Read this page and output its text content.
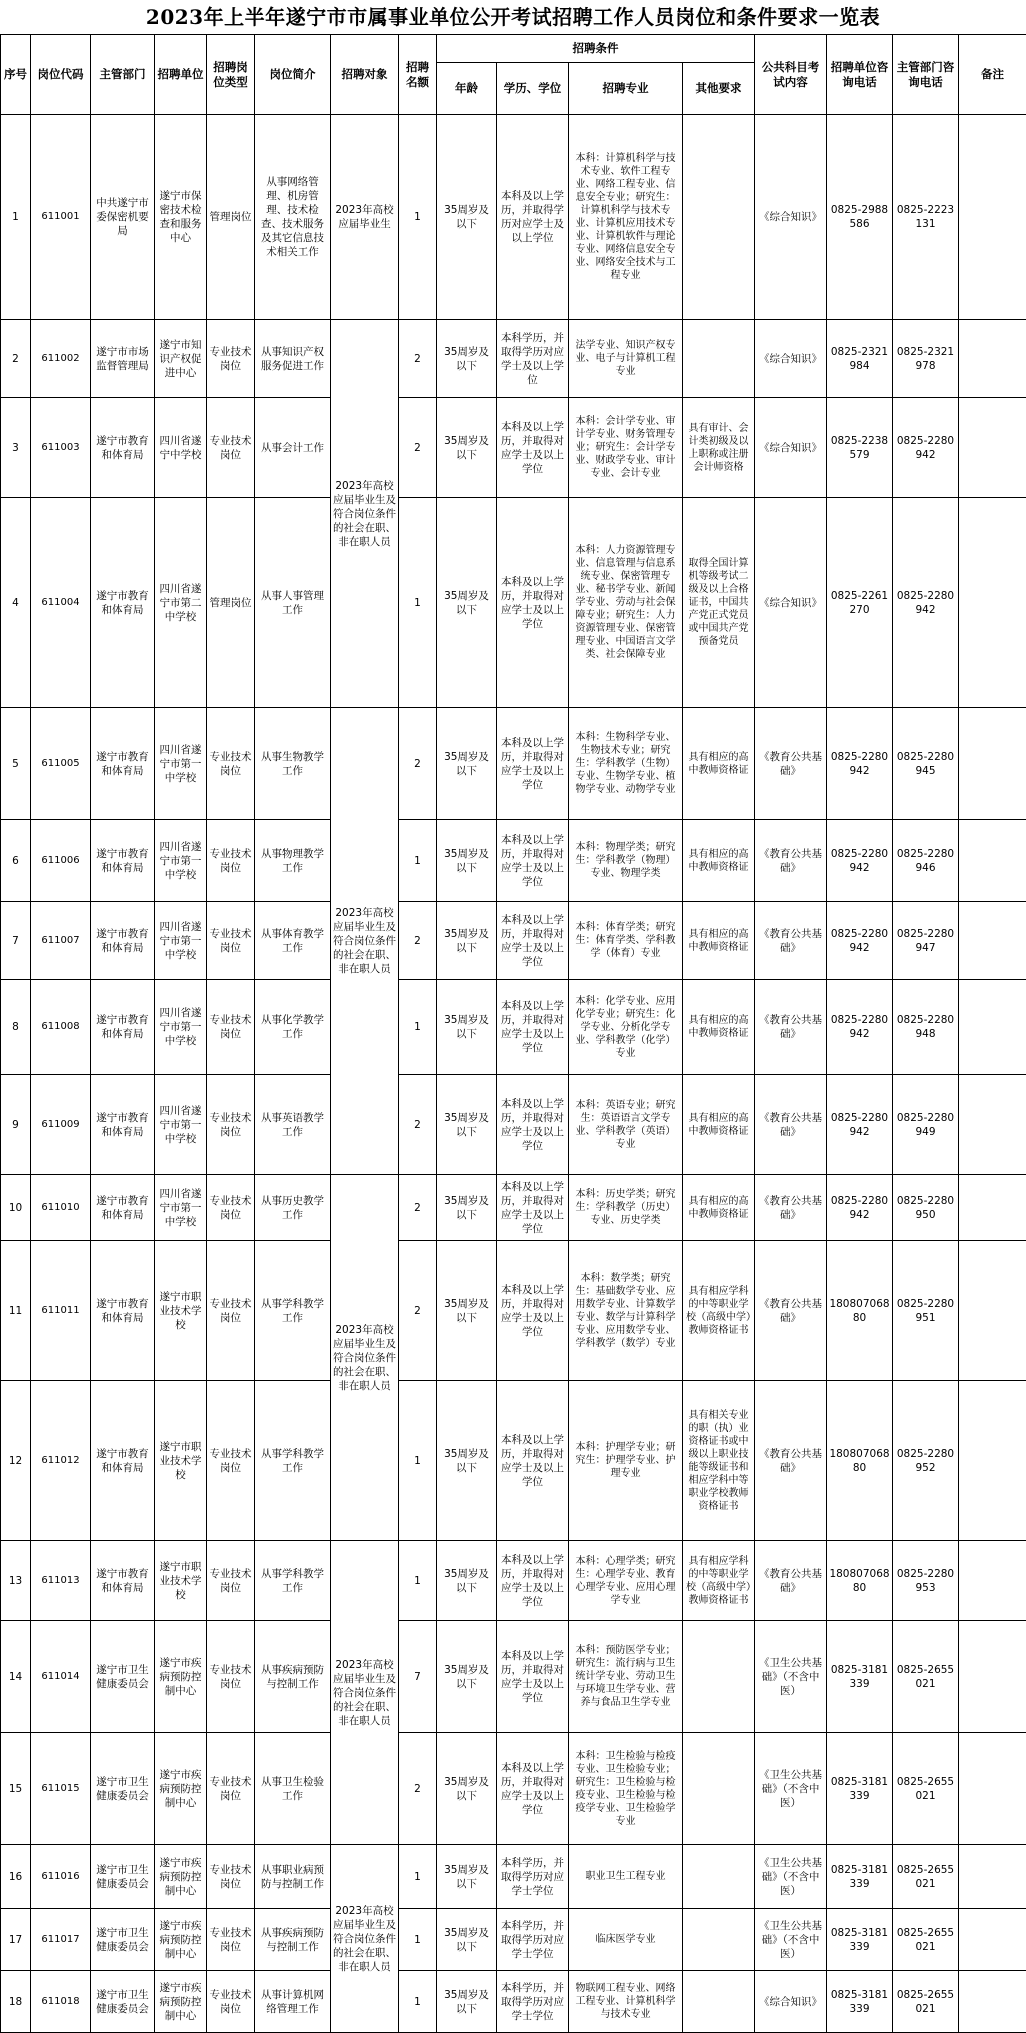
2023年上半年遂宁市市属事业单位公开考试招聘工作人员岗位和条件要求一览表
序号	岗位代码	主管部门	招聘单位	招聘岗位类型	岗位简介	招聘对象	招聘名额	招聘条件				公共科目考试内容	招聘单位咨询电话	主管部门咨询电话	备注
								年龄	学历、学位	招聘专业	其他要求				
1	611001	中共遂宁市委保密机要局	遂宁市保密技术检查和服务中心	管理岗位	从事网络管理、机房管理、技术检查、技术服务及其它信息技术相关工作	2023年高校应届毕业生	1	35周岁及以下	本科及以上学历，并取得学历对应学士及以上学位	本科：计算机科学与技术专业、软件工程专业、网络工程专业、信息安全专业；研究生：计算机科学与技术专业、计算机应用技术专业、计算机软件与理论专业、网络信息安全专业、网络安全技术与工程专业		《综合知识》	0825-2988586	0825-2223131	
2	611002	遂宁市市场监督管理局	遂宁市知识产权促进中心	专业技术岗位	从事知识产权服务促进工作	2023年高校应届毕业生及符合岗位条件的社会在职、非在职人员	2	35周岁及以下	本科学历，并取得学历对应学士及以上学位	法学专业、知识产权专业、电子与计算机工程专业		《综合知识》	0825-2321984	0825-2321978	
3	611003	遂宁市教育和体育局	四川省遂宁中学校	专业技术岗位	从事会计工作		2	35周岁及以下	本科及以上学历，并取得对应学士及以上学位	本科：会计学专业、审计学专业、财务管理专业；研究生：会计学专业、财政学专业、审计专业、会计专业	具有审计、会计类初级及以上职称或注册会计师资格	《综合知识》	0825-2238579	0825-2280942	
4	611004	遂宁市教育和体育局	四川省遂宁市第二中学校	管理岗位	从事人事管理工作		1	35周岁及以下	本科及以上学历，并取得对应学士及以上学位	本科：人力资源管理专业、信息管理与信息系统专业、保密管理专业、秘书学专业、新闻学专业、劳动与社会保障专业；研究生：人力资源管理专业、保密管理专业、中国语言文学类、社会保障专业	取得全国计算机等级考试二级及以上合格证书，中国共产党正式党员或中国共产党预备党员	《综合知识》	0825-2261270	0825-2280942	
5	611005	遂宁市教育和体育局	四川省遂宁市第一中学校	专业技术岗位	从事生物教学工作	2023年高校应届毕业生及符合岗位条件的社会在职、非在职人员	2	35周岁及以下	本科及以上学历，并取得对应学士及以上学位	本科：生物科学专业、生物技术专业；研究生：学科教学（生物）专业、生物学专业、植物学专业、动物学专业	具有相应的高中教师资格证	《教育公共基础》	0825-2280942	0825-2280945	
6	611006	遂宁市教育和体育局	四川省遂宁市第一中学校	专业技术岗位	从事物理教学工作		1	35周岁及以下	本科及以上学历，并取得对应学士及以上学位	本科：物理学类；研究生：学科教学（物理）专业、物理学类	具有相应的高中教师资格证	《教育公共基础》	0825-2280942	0825-2280946	
7	611007	遂宁市教育和体育局	四川省遂宁市第一中学校	专业技术岗位	从事体育教学工作		2	35周岁及以下	本科及以上学历，并取得对应学士及以上学位	本科：体育学类；研究生：体育学类、学科教学（体育）专业	具有相应的高中教师资格证	《教育公共基础》	0825-2280942	0825-2280947	
8	611008	遂宁市教育和体育局	四川省遂宁市第一中学校	专业技术岗位	从事化学教学工作		1	35周岁及以下	本科及以上学历，并取得对应学士及以上学位	本科：化学专业、应用化学专业；研究生：化学专业、分析化学专业、学科教学（化学）专业	具有相应的高中教师资格证	《教育公共基础》	0825-2280942	0825-2280948	
9	611009	遂宁市教育和体育局	四川省遂宁市第一中学校	专业技术岗位	从事英语教学工作		2	35周岁及以下	本科及以上学历，并取得对应学士及以上学位	本科：英语专业；研究生：英语语言文学专业、学科教学（英语）专业	具有相应的高中教师资格证	《教育公共基础》	0825-2280942	0825-2280949	
10	611010	遂宁市教育和体育局	四川省遂宁市第一中学校	专业技术岗位	从事历史教学工作	2023年高校应届毕业生及符合岗位条件的社会在职、非在职人员	2	35周岁及以下	本科及以上学历，并取得对应学士及以上学位	本科：历史学类；研究生：学科教学（历史）专业、历史学类	具有相应的高中教师资格证	《教育公共基础》	0825-2280942	0825-2280950	
11	611011	遂宁市教育和体育局	遂宁市职业技术学校	专业技术岗位	从事学科教学工作		2	35周岁及以下	本科及以上学历，并取得对应学士及以上学位	本科：数学类；研究生：基础数学专业、应用数学专业、计算数学专业、数学与计算科学专业、应用数学专业、学科教学（数学）专业	具有相应学科的中等职业学校（高级中学）教师资格证书	《教育公共基础》	18080706880	0825-2280951	
12	611012	遂宁市教育和体育局	遂宁市职业技术学校	专业技术岗位	从事学科教学工作		1	35周岁及以下	本科及以上学历，并取得对应学士及以上学位	本科：护理学专业；研究生：护理学专业、护理专业	具有相关专业的职（执）业资格证书或中级以上职业技能等级证书和相应学科中等职业学校教师资格证书	《教育公共基础》	18080706880	0825-2280952	
13	611013	遂宁市教育和体育局	遂宁市职业技术学校	专业技术岗位	从事学科教学工作	2023年高校应届毕业生及符合岗位条件的社会在职、非在职人员	1	35周岁及以下	本科及以上学历，并取得对应学士及以上学位	本科：心理学类；研究生：心理学专业、教育心理学专业、应用心理学专业	具有相应学科的中等职业学校（高级中学）教师资格证书	《教育公共基础》	18080706880	0825-2280953	
14	611014	遂宁市卫生健康委员会	遂宁市疾病预防控制中心	专业技术岗位	从事疾病预防与控制工作		7	35周岁及以下	本科及以上学历，并取得对应学士及以上学位	本科：预防医学专业；研究生：流行病与卫生统计学专业、劳动卫生与环境卫生学专业、营养与食品卫生学专业		《卫生公共基础》（不含中医）	0825-3181339	0825-2655021	
15	611015	遂宁市卫生健康委员会	遂宁市疾病预防控制中心	专业技术岗位	从事卫生检验工作		2	35周岁及以下	本科及以上学历，并取得对应学士及以上学位	本科：卫生检验与检疫专业、卫生检验专业；研究生：卫生检验与检疫专业、卫生检验与检疫学专业、卫生检验学专业		《卫生公共基础》（不含中医）	0825-3181339	0825-2655021	
16	611016	遂宁市卫生健康委员会	遂宁市疾病预防控制中心	专业技术岗位	从事职业病预防与控制工作	2023年高校应届毕业生及符合岗位条件的社会在职、非在职人员	1	35周岁及以下	本科学历，并取得学历对应学士学位	职业卫生工程专业		《卫生公共基础》（不含中医）	0825-3181339	0825-2655021	
17	611017	遂宁市卫生健康委员会	遂宁市疾病预防控制中心	专业技术岗位	从事疾病预防与控制工作		1	35周岁及以下	本科学历，并取得学历对应学士学位	临床医学专业		《卫生公共基础》（不含中医）	0825-3181339	0825-2655021	
18	611018	遂宁市卫生健康委员会	遂宁市疾病预防控制中心	专业技术岗位	从事计算机网络管理工作		1	35周岁及以下	本科学历，并取得学历对应学士学位	物联网工程专业、网络工程专业、计算机科学与技术专业		《综合知识》	0825-3181339	0825-2655021	
